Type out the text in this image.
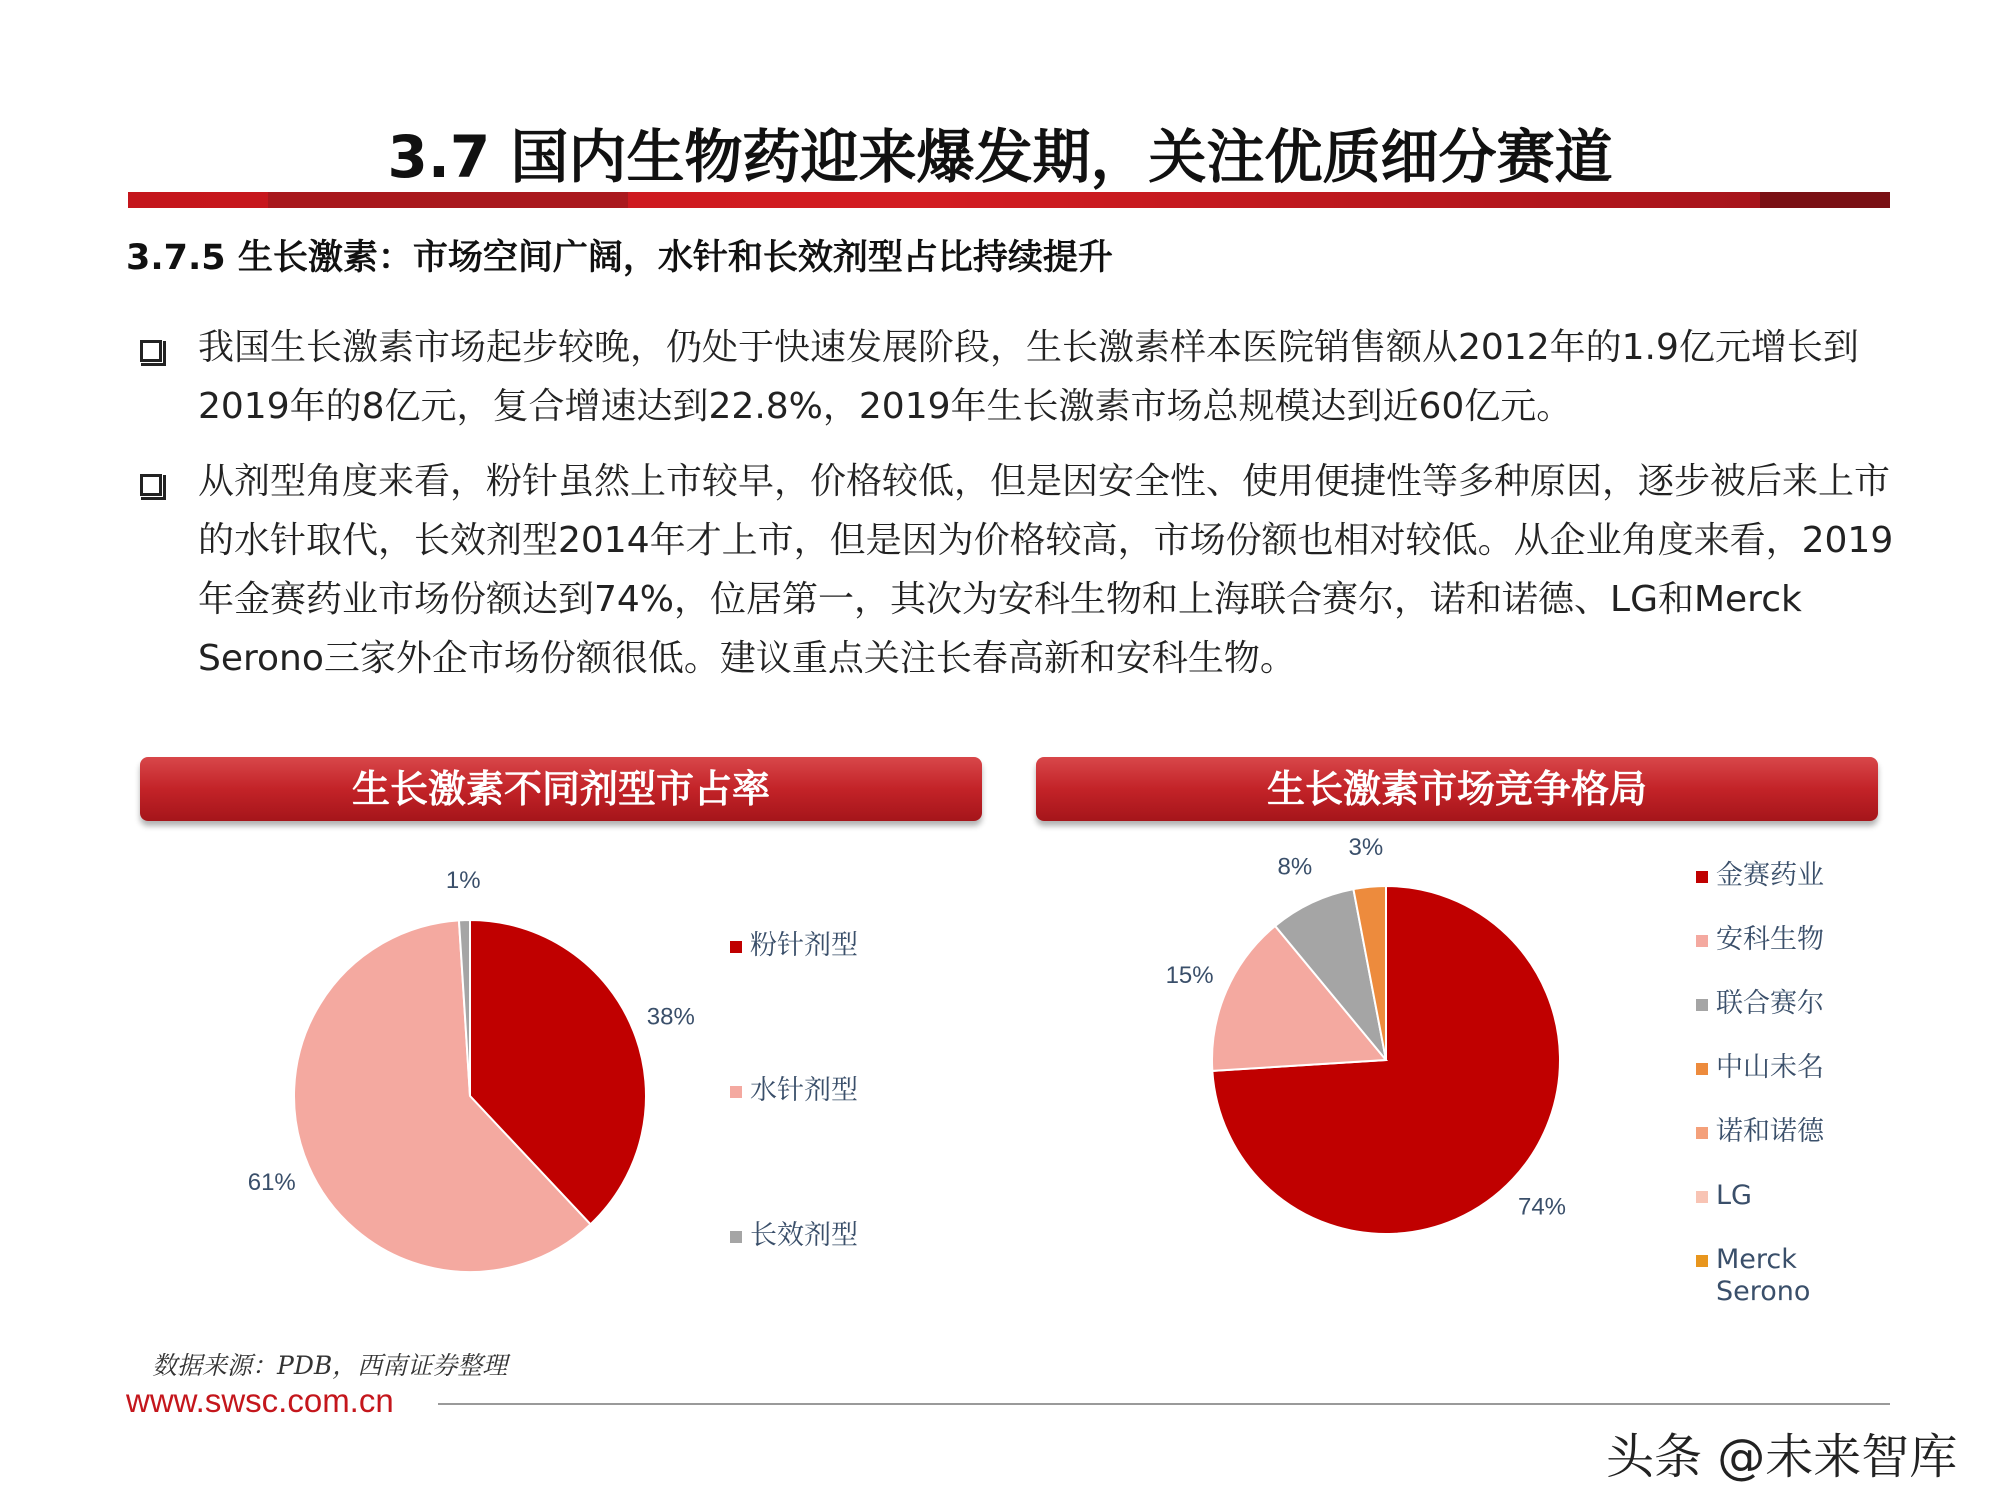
3.7 国内生物药迎来爆发期，关注优质细分赛道
3.7.5 生长激素：市场空间广阔，水针和长效剂型占比持续提升
我国生长激素市场起步较晚，仍处于快速发展阶段，生长激素样本医院销售额从2012年的1.9亿元增长到2019年的8亿元，复合增速达到22.8%，2019年生长激素市场总规模达到近60亿元。
从剂型角度来看，粉针虽然上市较早，价格较低，但是因安全性、使用便捷性等多种原因，逐步被后来上市的水针取代，长效剂型2014年才上市，但是因为价格较高，市场份额也相对较低。从企业角度来看，2019年金赛药业市场份额达到74%，位居第一，其次为安科生物和上海联合赛尔，诺和诺德、LG和Merck Serono三家外企市场份额很低。建议重点关注长春高新和安科生物。
生长激素不同剂型市占率	生长激素市场竞争格局
38%
粉针剂型
61%
水针剂型
1%
长效剂型
74%
金赛药业
15%
安科生物
8%
联合赛尔
3%
中山未名
诺和诺德
LG
Merck
Serono
数据来源：PDB，西南证券整理
www.swsc.com.cn
头条 @未来智库
